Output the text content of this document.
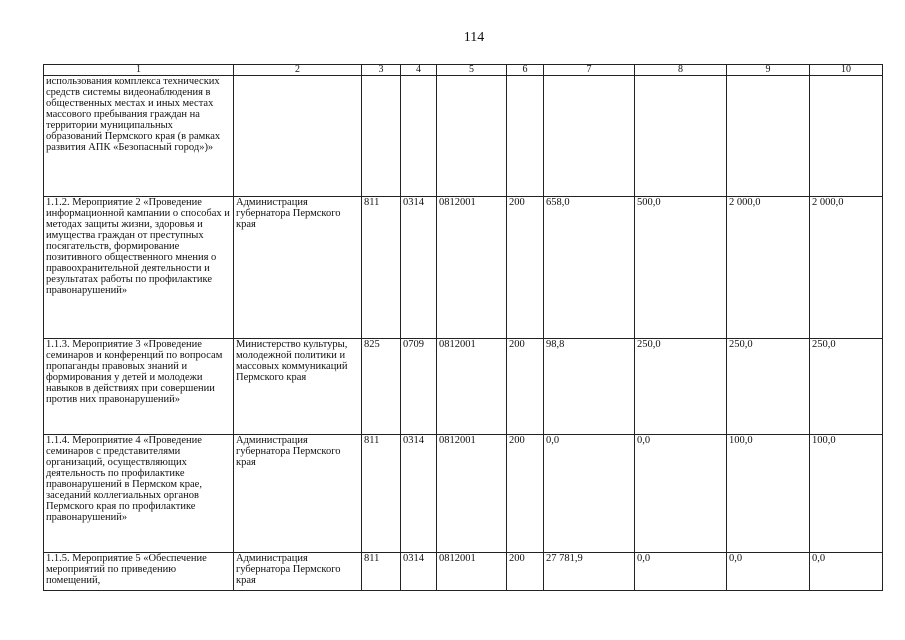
114
1	2	3	4	5	6	7	8	9	10
использования комплекса технических средств системы видеонаблюдения в общественных местах и иных местах массового пребывания граждан на территории муниципальных образований Пермского края (в рамках развития АПК «Безопасный город»)»									
1.1.2. Мероприятие 2 «Проведение информационной кампании о способах и методах защиты жизни, здоровья и имущества граждан от преступных посягательств, формирование позитивного общественного мнения о правоохранительной деятельности и результатах работы по профилактике правонарушений»	Администрация губернатора Пермского края	811	0314	0812001	200	658,0	500,0	2 000,0	2 000,0
1.1.3. Мероприятие 3 «Проведение семинаров и конференций по вопросам пропаганды правовых знаний и формирования у детей и молодежи навыков в действиях при совершении против них правонарушений»	Министерство культуры, молодежной политики и массовых коммуникаций Пермского края	825	0709	0812001	200	98,8	250,0	250,0	250,0
1.1.4. Мероприятие 4 «Проведение семинаров с представителями организаций, осуществляющих деятельность по профилактике правонарушений в Пермском крае, заседаний коллегиальных органов Пермского края по профилактике правонарушений»	Администрация губернатора Пермского края	811	0314	0812001	200	0,0	0,0	100,0	100,0
1.1.5. Мероприятие 5 «Обеспечение мероприятий по приведению помещений,	Администрация губернатора Пермского края	811	0314	0812001	200	27 781,9	0,0	0,0	0,0
